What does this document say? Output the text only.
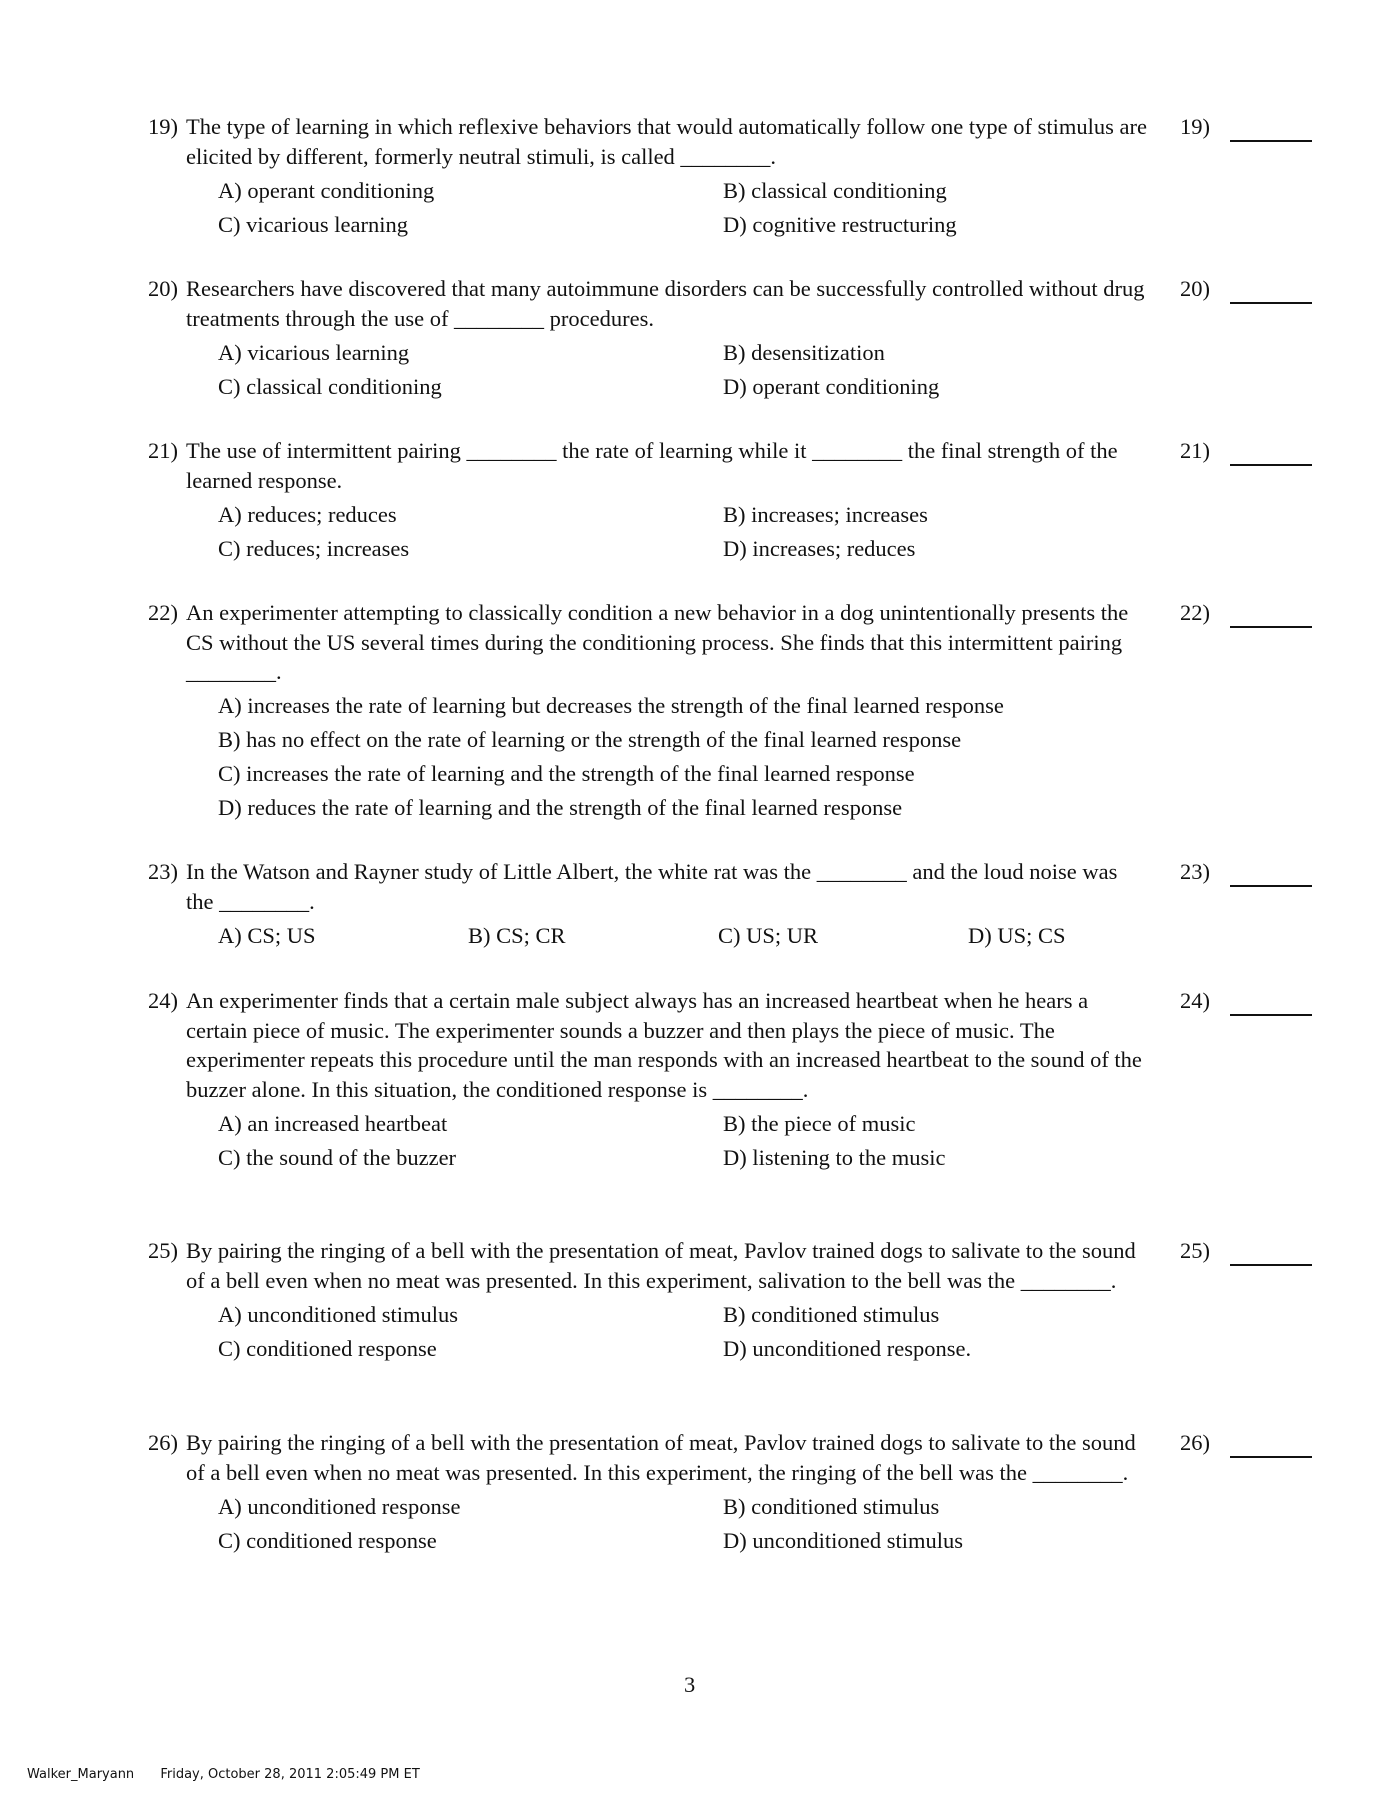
19) The type of learning in which reflexive behaviors that would automatically follow one type of stimulus are elicited by different, formerly neutral stimuli, is called ________.
A) operant conditioning	B) classical conditioning
C) vicarious learning	D) cognitive restructuring
19)
20) Researchers have discovered that many autoimmune disorders can be successfully controlled without drug treatments through the use of ________ procedures.
A) vicarious learning	B) desensitization
C) classical conditioning	D) operant conditioning
20)
21) The use of intermittent pairing ________ the rate of learning while it ________ the final strength of the learned response.
A) reduces; reduces	B) increases; increases
C) reduces; increases	D) increases; reduces
21)
22) An experimenter attempting to classically condition a new behavior in a dog unintentionally presents the CS without the US several times during the conditioning process. She finds that this intermittent pairing ________.
A) increases the rate of learning but decreases the strength of the final learned response
B) has no effect on the rate of learning or the strength of the final learned response
C) increases the rate of learning and the strength of the final learned response
D) reduces the rate of learning and the strength of the final learned response
22)
23) In the Watson and Rayner study of Little Albert, the white rat was the ________ and the loud noise was the ________.
A) CS; US	B) CS; CR	C) US; UR	D) US; CS
23)
24) An experimenter finds that a certain male subject always has an increased heartbeat when he hears a certain piece of music. The experimenter sounds a buzzer and then plays the piece of music. The experimenter repeats this procedure until the man responds with an increased heartbeat to the sound of the buzzer alone. In this situation, the conditioned response is ________.
A) an increased heartbeat	B) the piece of music
C) the sound of the buzzer	D) listening to the music
24)
25) By pairing the ringing of a bell with the presentation of meat, Pavlov trained dogs to salivate to the sound of a bell even when no meat was presented. In this experiment, salivation to the bell was the ________.
A) unconditioned stimulus	B) conditioned stimulus
C) conditioned response	D) unconditioned response.
25)
26) By pairing the ringing of a bell with the presentation of meat, Pavlov trained dogs to salivate to the sound of a bell even when no meat was presented. In this experiment, the ringing of the bell was the ________.
A) unconditioned response	B) conditioned stimulus
C) conditioned response	D) unconditioned stimulus
26)
3
Walker_Maryann Friday, October 28, 2011 2:05:49 PM ET
